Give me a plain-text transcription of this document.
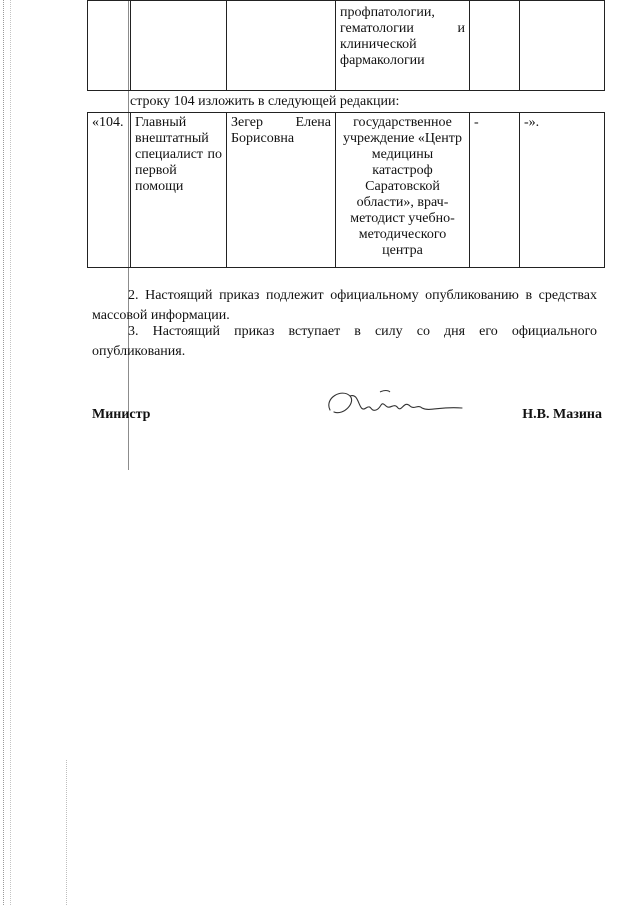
			профпатологии, гематологии и клинической фармакологии		
строку 104 изложить в следующей редакции:
«104.	Главный внештатный специалист по первой помощи	Зегер Елена Борисовна	государственное учреждение «Центр медицины катастроф Саратовской области», врач-методист учебно-методического центра	-	-».

2. Настоящий приказ подлежит официальному опубликованию в средствах массовой информации.

3. Настоящий приказ вступает в силу со дня его официального опубликования.

Министр	Н.В. Мазина
